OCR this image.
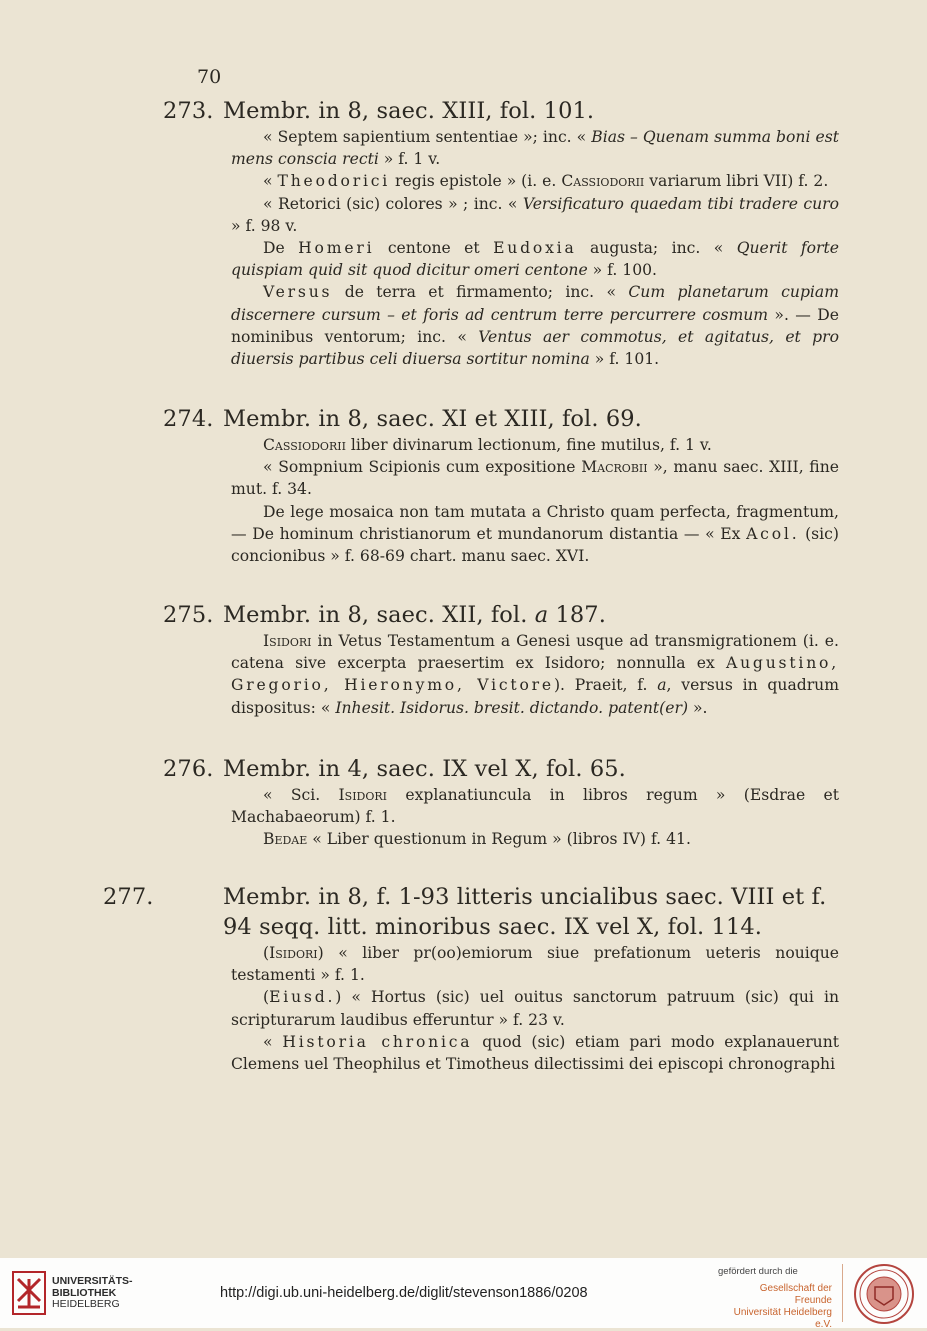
70
273. Membr. in 8, saec. XIII, fol. 101.

« Septem sapientium sententiae »; inc. « Bias – Quenam summa boni est mens conscia recti » f. 1 v.

« Theodorici regis epistole » (i. e. Cassiodorii variarum libri VII) f. 2.

« Retorici (sic) colores » ; inc. « Versificaturo quaedam tibi tradere curo » f. 98 v.

De Homeri centone et Eudoxia augusta; inc. « Querit forte quispiam quid sit quod dicitur omeri centone » f. 100.

Versus de terra et firmamento; inc. « Cum planetarum cupiam discernere cursum – et foris ad centrum terre percurrere cosmum ». — De nominibus ventorum; inc. « Ventus aer commotus, et agitatus, et pro diuersis partibus celi diuersa sortitur nomina » f. 101.

274. Membr. in 8, saec. XI et XIII, fol. 69.

Cassiodorii liber divinarum lectionum, fine mutilus, f. 1 v.

« Sompnium Scipionis cum expositione Macrobii », manu saec. XIII, fine mut. f. 34.

De lege mosaica non tam mutata a Christo quam perfecta, fragmentum, — De hominum christianorum et mundanorum distantia — « Ex Acol. (sic) concionibus » f. 68-69 chart. manu saec. XVI.

275. Membr. in 8, saec. XII, fol. a 187.

Isidori in Vetus Testamentum a Genesi usque ad transmigrationem (i. e. catena sive excerpta praesertim ex Isidoro; nonnulla ex Augustino, Gregorio, Hieronymo, Victore). Praeit, f. a, versus in quadrum dispositus: « Inhesit. Isidorus. bresit. dictando. patent(er) ».

276. Membr. in 4, saec. IX vel X, fol. 65.

« Sci. Isidori explanatiuncula in libros regum » (Esdrae et Machabaeorum) f. 1.

Bedae « Liber questionum in Regum » (libros IV) f. 41.

277.	Membr. in 8, f. 1-93 litteris uncialibus saec. VIII et f. 94 seqq. litt. minoribus saec. IX vel X, fol. 114.

(Isidori) « liber pr(oo)emiorum siue prefationum ueteris nouique testamenti » f. 1.

(Eiusd.) « Hortus (sic) uel ouitus sanctorum patruum (sic) qui in scripturarum laudibus efferuntur » f. 23 v.

« Historia chronica quod (sic) etiam pari modo explanauerunt Clemens uel Theophilus et Timotheus dilectissimi dei episcopi chronographi

UNIVERSITÄTS-
BIBLIOTHEK
HEIDELBERG
http://digi.ub.uni-heidelberg.de/diglit/stevenson1886/0208
gefördert durch die
Gesellschaft der Freunde
Universität Heidelberg e.V.
